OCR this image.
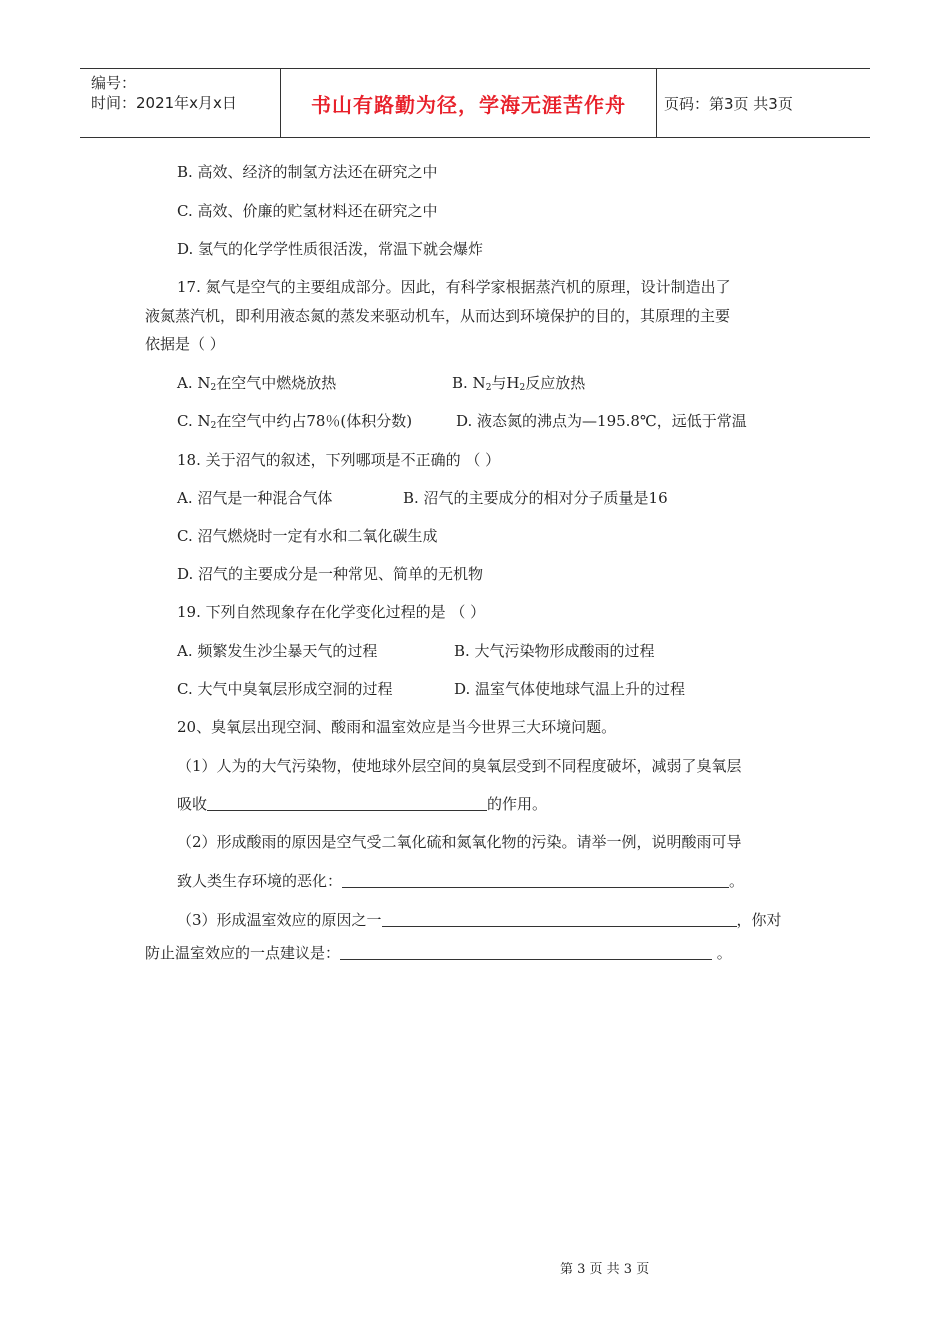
编号：
时间：2021年x月x日	书山有路勤为径，学海无涯苦作舟	页码：第3页 共3页
B. 高效、经济的制氢方法还在研究之中
C. 高效、价廉的贮氢材料还在研究之中
D. 氢气的化学学性质很活泼，常温下就会爆炸
17. 氮气是空气的主要组成部分。因此，有科学家根据蒸汽机的原理，设计制造出了
液氮蒸汽机，即利用液态氮的蒸发来驱动机车，从而达到环境保护的目的，其原理的主要
依据是（ ）
A. $N_2$在空气中燃烧放热	B. $N_2$与$H_2$反应放热
C. $N_2$在空气中约占78％(体积分数)	D. 液态氮的沸点为—195.8℃，远低于常温
18. 关于沼气的叙述，下列哪项是不正确的 （ ）
A. 沼气是一种混合气体	B. 沼气的主要成分的相对分子质量是16
C. 沼气燃烧时一定有水和二氧化碳生成
D. 沼气的主要成分是一种常见、简单的无机物
19. 下列自然现象存在化学变化过程的是 （ ）
A. 频繁发生沙尘暴天气的过程	B. 大气污染物形成酸雨的过程
C. 大气中臭氧层形成空洞的过程	D. 温室气体使地球气温上升的过程
20、臭氧层出现空洞、酸雨和温室效应是当今世界三大环境问题。
（1）人为的大气污染物，使地球外层空间的臭氧层受到不同程度破坏，减弱了臭氧层
吸收	的作用。
（2）形成酸雨的原因是空气受二氧化硫和氮氧化物的污染。请举一例，说明酸雨可导
致人类生存环境的恶化：	。
（3）形成温室效应的原因之一	，你对
防止温室效应的一点建议是：	。
第 3 页 共 3 页
